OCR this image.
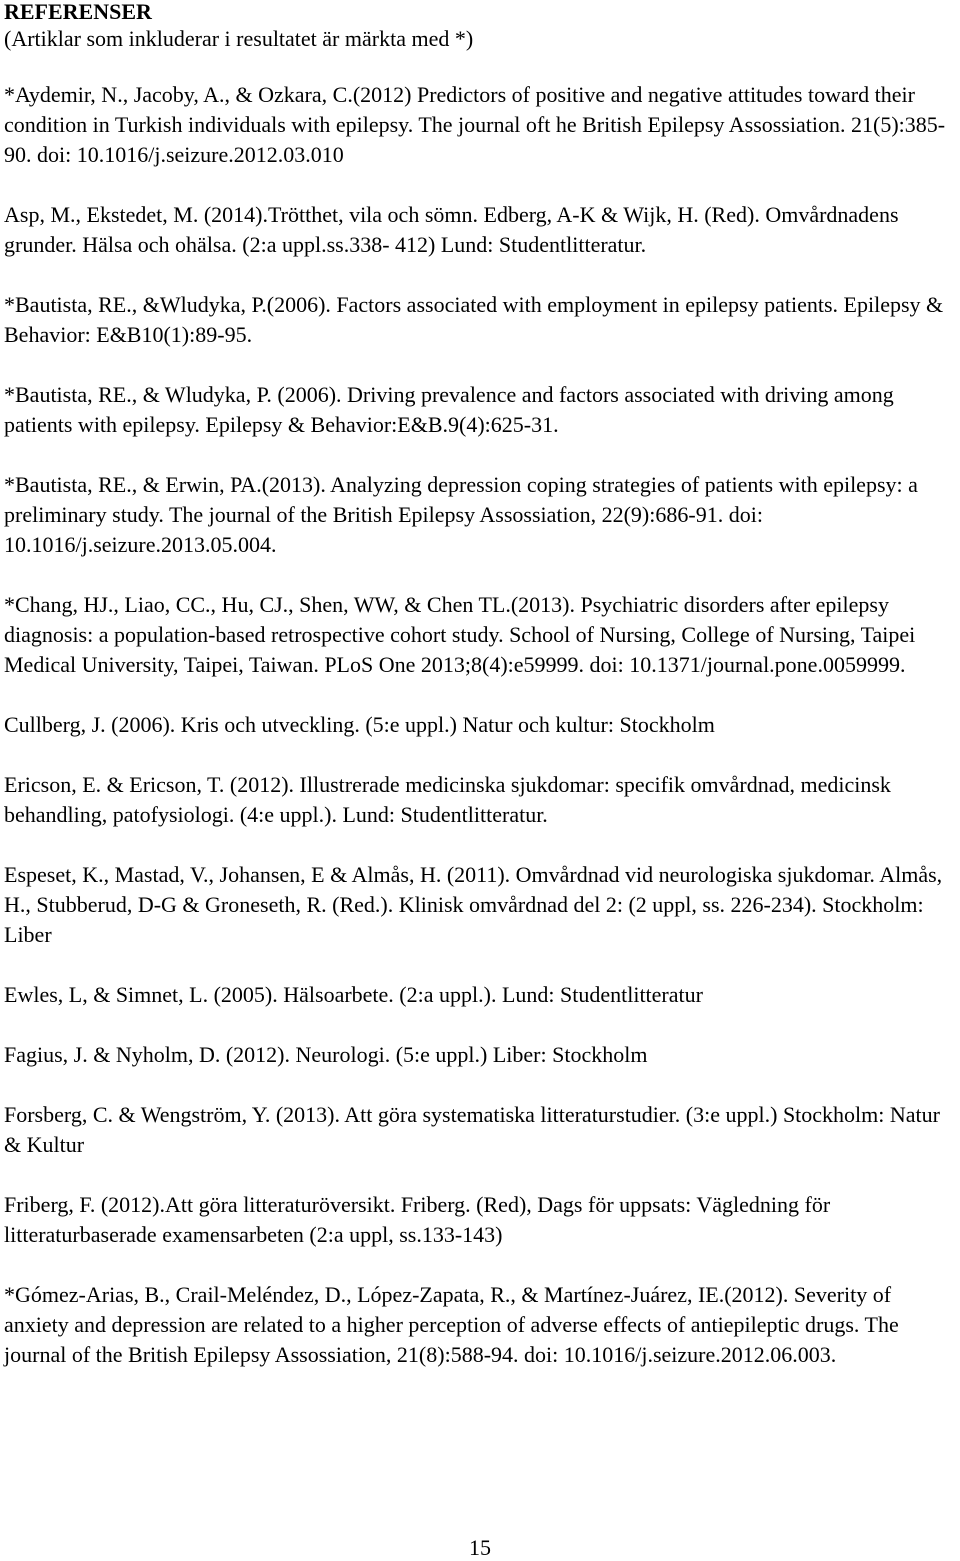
REFERENSER

(Artiklar som inkluderar i resultatet är märkta med *)

*Aydemir, N., Jacoby, A., & Ozkara, C.(2012) Predictors of positive and negative attitudes toward their condition in Turkish individuals with epilepsy. The journal oft he British Epilepsy Assossiation. 21(5):385-90. doi: 10.1016/j.seizure.2012.03.010

Asp, M., Ekstedet, M. (2014).Trötthet, vila och sömn. Edberg, A-K & Wijk, H. (Red). Omvårdnadens grunder. Hälsa och ohälsa. (2:a uppl.ss.338- 412) Lund: Studentlitteratur.

*Bautista, RE., &Wludyka, P.(2006). Factors associated with employment in epilepsy patients. Epilepsy & Behavior: E&B10(1):89-95.

*Bautista, RE., & Wludyka, P. (2006). Driving prevalence and factors associated with driving among patients with epilepsy. Epilepsy & Behavior:E&B.9(4):625-31.

*Bautista, RE., & Erwin, PA.(2013). Analyzing depression coping strategies of patients with epilepsy: a preliminary study. The journal of the British Epilepsy Assossiation, 22(9):686-91. doi: 10.1016/j.seizure.2013.05.004.

*Chang, HJ., Liao, CC., Hu, CJ., Shen, WW, & Chen TL.(2013). Psychiatric disorders after epilepsy diagnosis: a population-based retrospective cohort study. School of Nursing, College of Nursing, Taipei Medical University, Taipei, Taiwan. PLoS One 2013;8(4):e59999. doi: 10.1371/journal.pone.0059999.

Cullberg, J. (2006). Kris och utveckling. (5:e uppl.) Natur och kultur: Stockholm

Ericson, E. & Ericson, T. (2012). Illustrerade medicinska sjukdomar: specifik omvårdnad, medicinsk behandling, patofysiologi. (4:e uppl.). Lund: Studentlitteratur.

Espeset, K., Mastad, V., Johansen, E & Almås, H. (2011). Omvårdnad vid neurologiska sjukdomar. Almås, H., Stubberud, D-G & Groneseth, R. (Red.). Klinisk omvårdnad del 2: (2 uppl, ss. 226-234). Stockholm: Liber

Ewles, L, & Simnet, L. (2005). Hälsoarbete. (2:a uppl.). Lund: Studentlitteratur

Fagius, J. & Nyholm, D. (2012). Neurologi. (5:e uppl.) Liber: Stockholm

Forsberg, C. & Wengström, Y. (2013). Att göra systematiska litteraturstudier. (3:e uppl.) Stockholm: Natur & Kultur

Friberg, F. (2012).Att göra litteraturöversikt. Friberg. (Red), Dags för uppsats: Vägledning för litteraturbaserade examensarbeten (2:a uppl, ss.133-143)

*Gómez-Arias, B., Crail-Meléndez, D., López-Zapata, R., & Martínez-Juárez, IE.(2012). Severity of anxiety and depression are related to a higher perception of adverse effects of antiepileptic drugs. The journal of the British Epilepsy Assossiation, 21(8):588-94. doi: 10.1016/j.seizure.2012.06.003.

15
